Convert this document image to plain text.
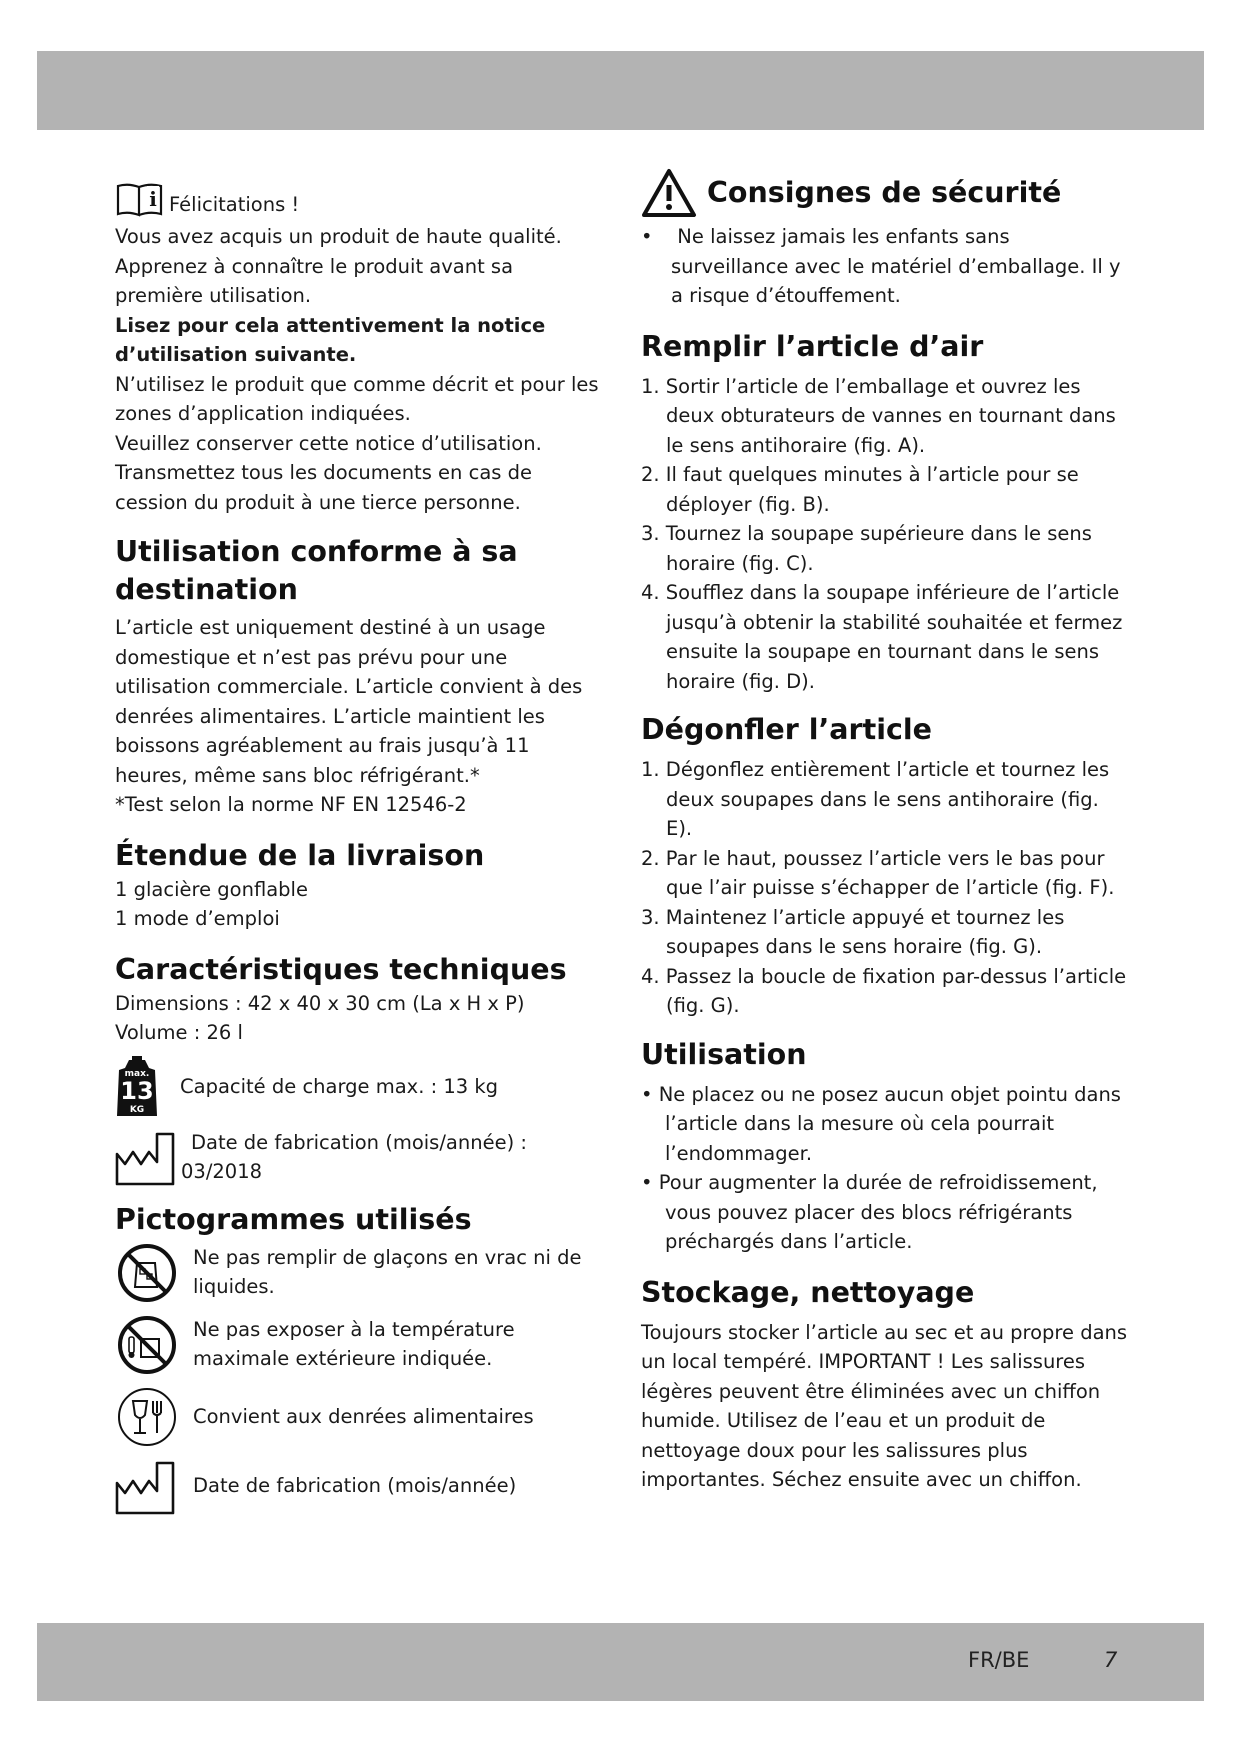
i Félicitations !

Vous avez acquis un produit de haute qualité. Apprenez à connaître le produit avant sa première utilisation.

Lisez pour cela attentivement la notice d’utilisation suivante.

N’utilisez le produit que comme décrit et pour les zones d’application indiquées.

Veuillez conserver cette notice d’utilisation. Transmettez tous les documents en cas de cession du produit à une tierce personne.

Utilisation conforme à sa destination

L’article est uniquement destiné à un usage domestique et n’est pas prévu pour une utilisation commerciale. L’article convient à des denrées alimentaires. L’article maintient les boissons agréablement au frais jusqu’à 11 heures, même sans bloc réfrigérant.*

*Test selon la norme NF EN 12546-2

Étendue de la livraison

1 glacière gonflable

1 mode d’emploi

Caractéristiques techniques

Dimensions : 42 x 40 x 30 cm (La x H x P)

Volume : 26 l

max.
13
KG

Capacité de charge max. : 13 kg

Date de fabrication (mois/année) :

03/2018

Pictogrammes utilisés

Ne pas remplir de glaçons en vrac ni de liquides.

Ne pas exposer à la température maximale extérieure indiquée.

Convient aux denrées alimentaires

Date de fabrication (mois/année)

Consignes de sécurité
•    Ne laissez jamais les enfants sans surveillance avec le matériel d’emballage. Il y a risque d’étouffement.
Remplir l’article d’air
1. Sortir l’article de l’emballage et ouvrez les deux obturateurs de vannes en tournant dans le sens antihoraire (fig. A).
2. Il faut quelques minutes à l’article pour se déployer (fig. B).
3. Tournez la soupape supérieure dans le sens horaire (fig. C).
4. Soufflez dans la soupape inférieure de l’article jusqu’à obtenir la stabilité souhaitée et fermez ensuite la soupape en tournant dans le sens horaire (fig. D).
Dégonfler l’article
1. Dégonflez entièrement l’article et tournez les deux soupapes dans le sens antihoraire (fig. E).
2. Par le haut, poussez l’article vers le bas pour que l’air puisse s’échapper de l’article (fig. F).
3. Maintenez l’article appuyé et tournez les soupapes dans le sens horaire (fig. G).
4. Passez la boucle de fixation par-dessus l’article (fig. G).
Utilisation
• Ne placez ou ne posez aucun objet pointu dans l’article dans la mesure où cela pourrait l’endommager.
• Pour augmenter la durée de refroidissement, vous pouvez placer des blocs réfrigérants préchargés dans l’article.
Stockage, nettoyage

Toujours stocker l’article au sec et au propre dans un local tempéré. IMPORTANT ! Les salissures légères peuvent être éliminées avec un chiffon humide. Utilisez de l’eau et un produit de nettoyage doux pour les salissures plus importantes. Séchez ensuite avec un chiffon.

FR/BE	7
